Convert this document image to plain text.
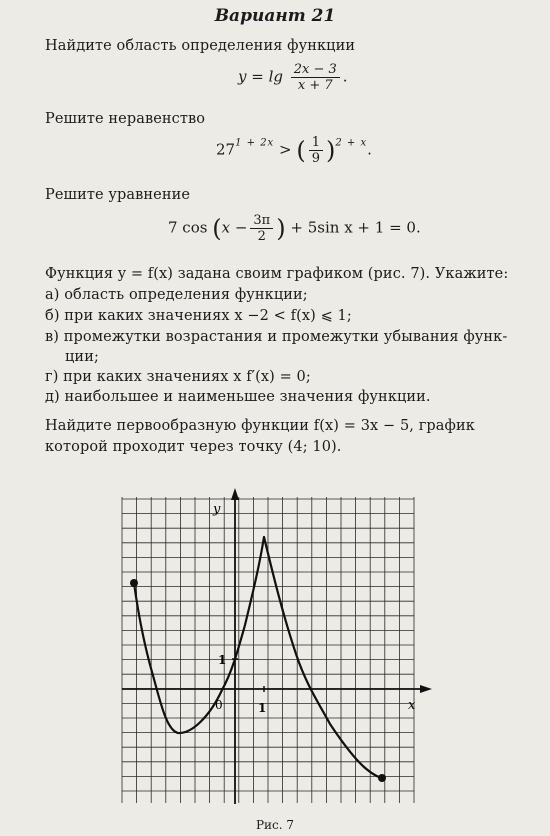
Вариант 21
Найдите область определения функции
$y = \lg \frac{2x - 3}{x + 7}$ .
Решите неравенство
$27^{1 + 2x}$ > ( $\frac{1}{9} )^{2 + x}$.
Решите уравнение
7 $\cos (x - \frac{3\pi}{2}$ ) + 5sin x + 1 = 0.
Функция y = f(x) задана своим графиком (рис. 7). Укажите:
а) область определения функции;
б) при каких значениях x −2 < f(x) ⩽ 1;
в) промежутки возрастания и промежутки убывания функ-
ции;
г) при каких значениях x f′(x) = 0;
д) наибольшее и наименьшее значения функции.
Найдите первообразную функции f(x) = 3x − 5, график
которой проходит через точку (4; 10).
y
x
0	1
1
Рис. 7
